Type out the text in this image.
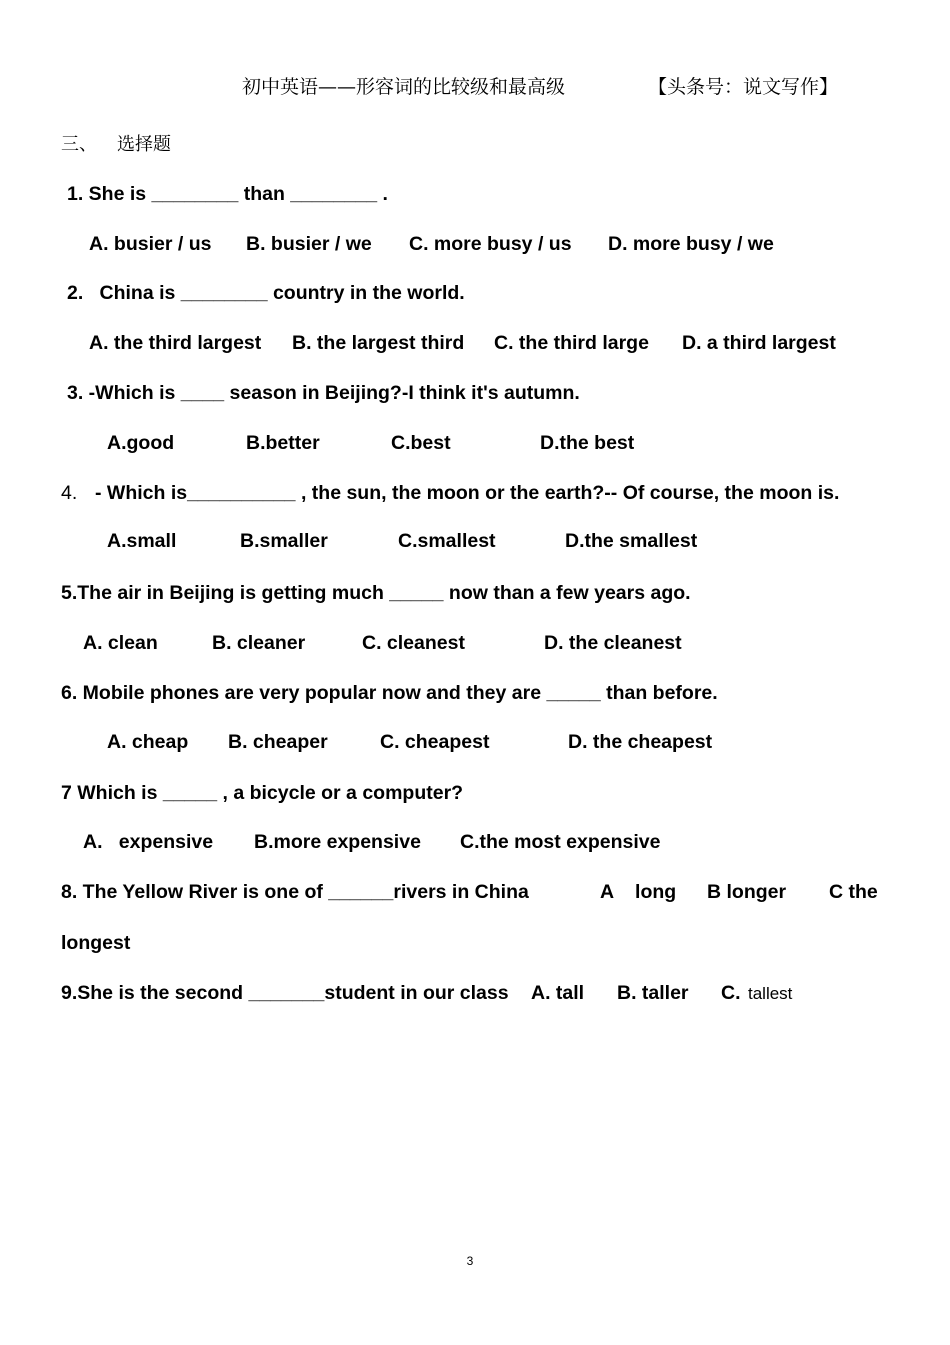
初中英语——形容词的比较级和最高级	【头条号：说文写作】
三、 选择题
1. She is ________ than ________ .
A. busier / us B. busier / we C. more busy / us D. more busy / we
2.   China is ________ country in the world.
A. the third largest B. the largest third C. the third large D. a third largest
3. -Which is ____ season in Beijing?-I think it's autumn.
A.good	B.better	C.best	D.the best
4. - Which is__________ , the sun, the moon or the earth?-- Of course, the moon is.
A.small	B.smaller	C.smallest	D.the smallest
5.The air in Beijing is getting much _____ now than a few years ago.
A. clean	B. cleaner	C. cleanest	D. the cleanest
6. Mobile phones are very popular now and they are _____ than before.
A. cheap B. cheaper	C. cheapest	D. the cheapest
7 Which is _____ , a bicycle or a computer?
A.   expensive B.more expensive C.the most expensive
8. The Yellow River is one of ______rivers in China	A    long B longer C the
longest
9.She is the second _______student in our class A. tall B. taller C. tallest
3
